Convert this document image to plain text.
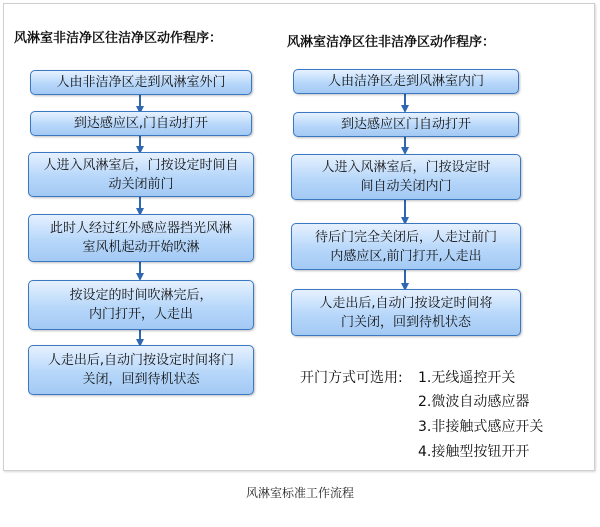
风淋室非洁净区往洁净区动作程序：	风淋室洁净区往非洁净区动作程序：
人由非洁净区走到风淋室外门
到达感应区,门自动打开
人进入风淋室后，门按设定时间自
动关闭前门
此时人经过红外感应器挡光风淋
室风机起动开始吹淋
按设定的时间吹淋完后，
内门打开，人走出
人走出后,自动门按设定时间将门
关闭，回到待机状态
人由洁净区走到风淋室内门
到达感应区门自动打开
人进入风淋室后，门按设定时
间自动关闭内门
待后门完全关闭后，人走过前门
内感应区,前门打开,人走出
人走出后,自动门按设定时间将
门关闭，回到待机状态
开门方式可选用: 1.无线遥控开关
2.微波自动感应器
3.非接触式感应开关
4.接触型按钮开开
风淋室标准工作流程
